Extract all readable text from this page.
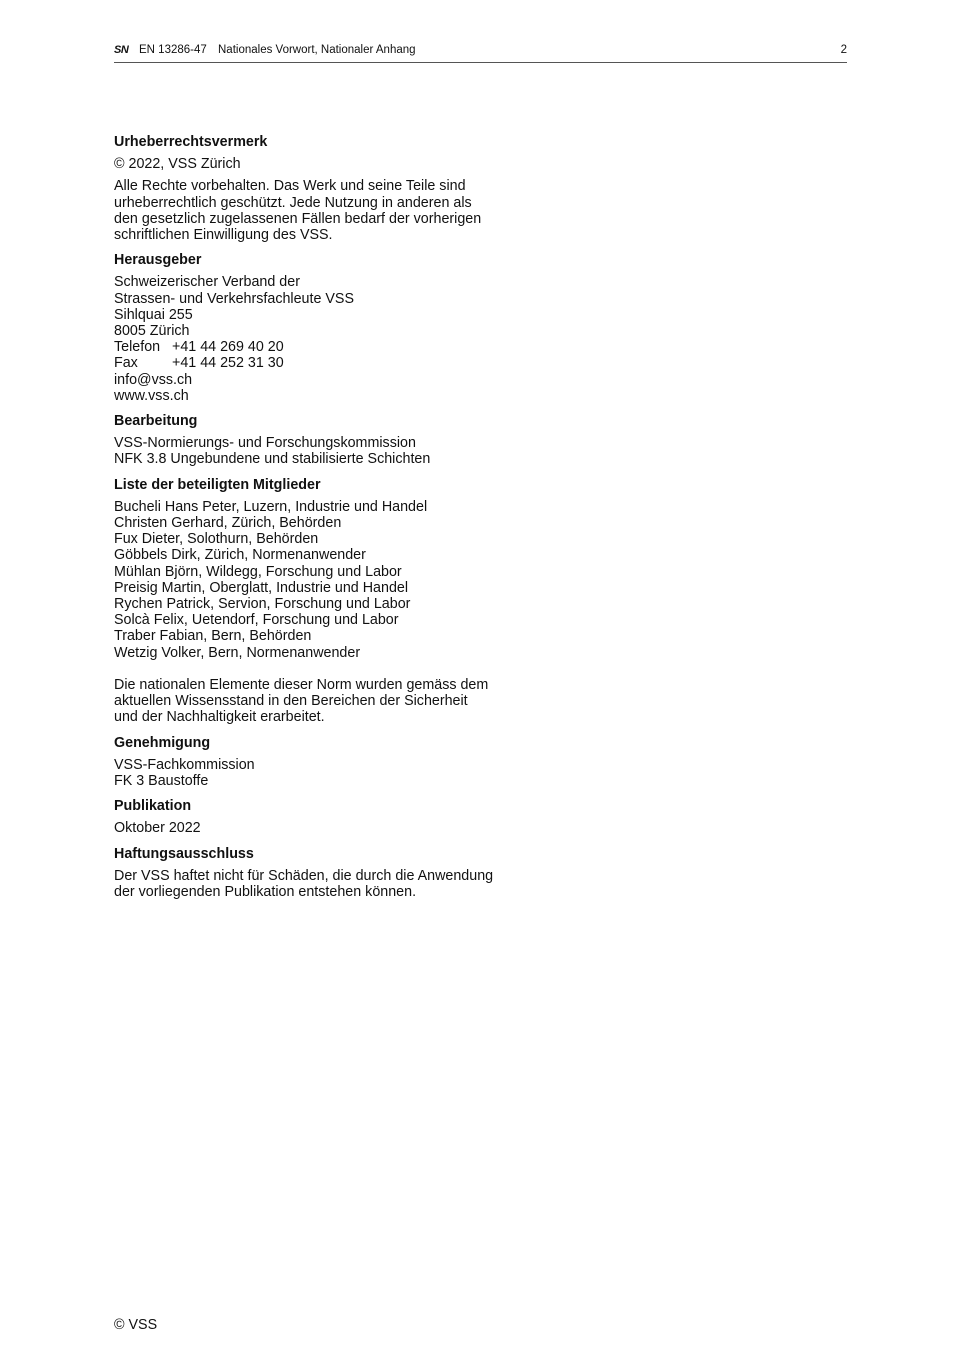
SN EN 13286-47 Nationales Vorwort, Nationaler Anhang	2
Urheberrechtsvermerk
© 2022, VSS Zürich
Alle Rechte vorbehalten. Das Werk und seine Teile sind
urheberrechtlich geschützt. Jede Nutzung in anderen als
den gesetzlich zugelassenen Fällen bedarf der vorherigen
schriftlichen Einwilligung des VSS.
Herausgeber
Schweizerischer Verband der
Strassen- und Verkehrsfachleute VSS
Sihlquai 255
8005 Zürich
Telefon +41 44 269 40 20
Fax	+41 44 252 31 30
info@vss.ch
www.vss.ch
Bearbeitung
VSS-Normierungs- und Forschungskommission
NFK 3.8 Ungebundene und stabilisierte Schichten
Liste der beteiligten Mitglieder
Bucheli Hans Peter, Luzern, Industrie und Handel
Christen Gerhard, Zürich, Behörden
Fux Dieter, Solothurn, Behörden
Göbbels Dirk, Zürich, Normenanwender
Mühlan Björn, Wildegg, Forschung und Labor
Preisig Martin, Oberglatt, Industrie und Handel
Rychen Patrick, Servion, Forschung und Labor
Solcà Felix, Uetendorf, Forschung und Labor
Traber Fabian, Bern, Behörden
Wetzig Volker, Bern, Normenanwender
Die nationalen Elemente dieser Norm wurden gemäss dem
aktuellen Wissensstand in den Bereichen der Sicherheit
und der Nachhaltigkeit erarbeitet.
Genehmigung
VSS-Fachkommission
FK 3 Baustoffe
Publikation
Oktober 2022
Haftungsausschluss
Der VSS haftet nicht für Schäden, die durch die Anwendung
der vorliegenden Publikation entstehen können.
© VSS
